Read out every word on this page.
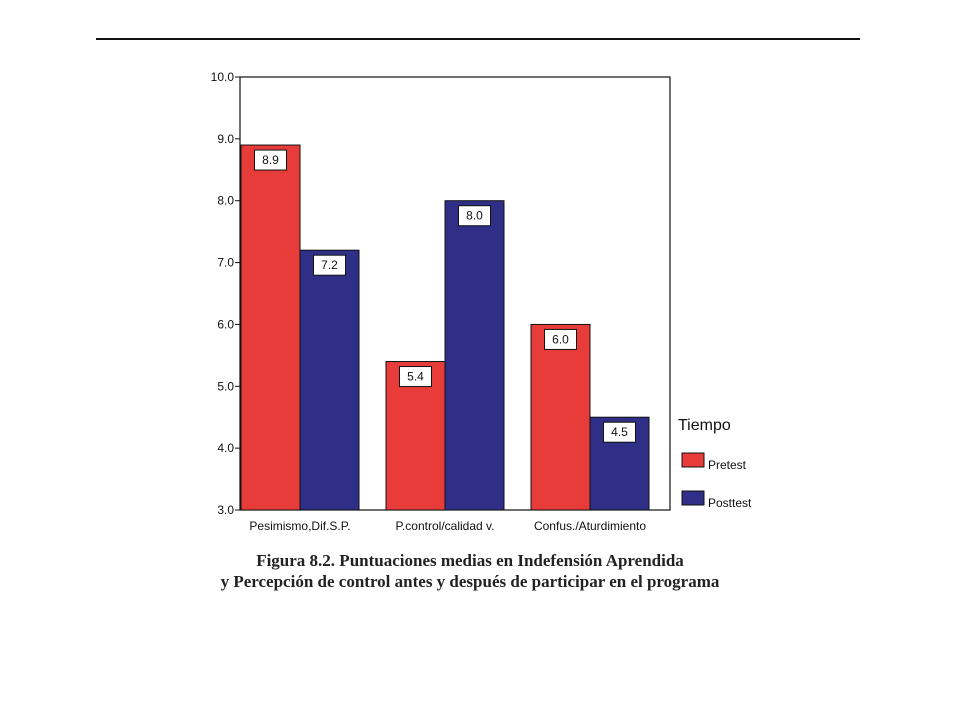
3.0
4.0
5.0
6.0
7.0
8.0
9.0
10.0
Pesimismo,Dif.S.P.	P.control/calidad v.	Confus./Aturdimiento
8.9
7.2
5.4
8.0
6.0
4.5	Tiempo
Pretest
Posttest
Figura 8.2. Puntuaciones medias en Indefensión Aprendida
y Percepción de control antes y después de participar en el programa
